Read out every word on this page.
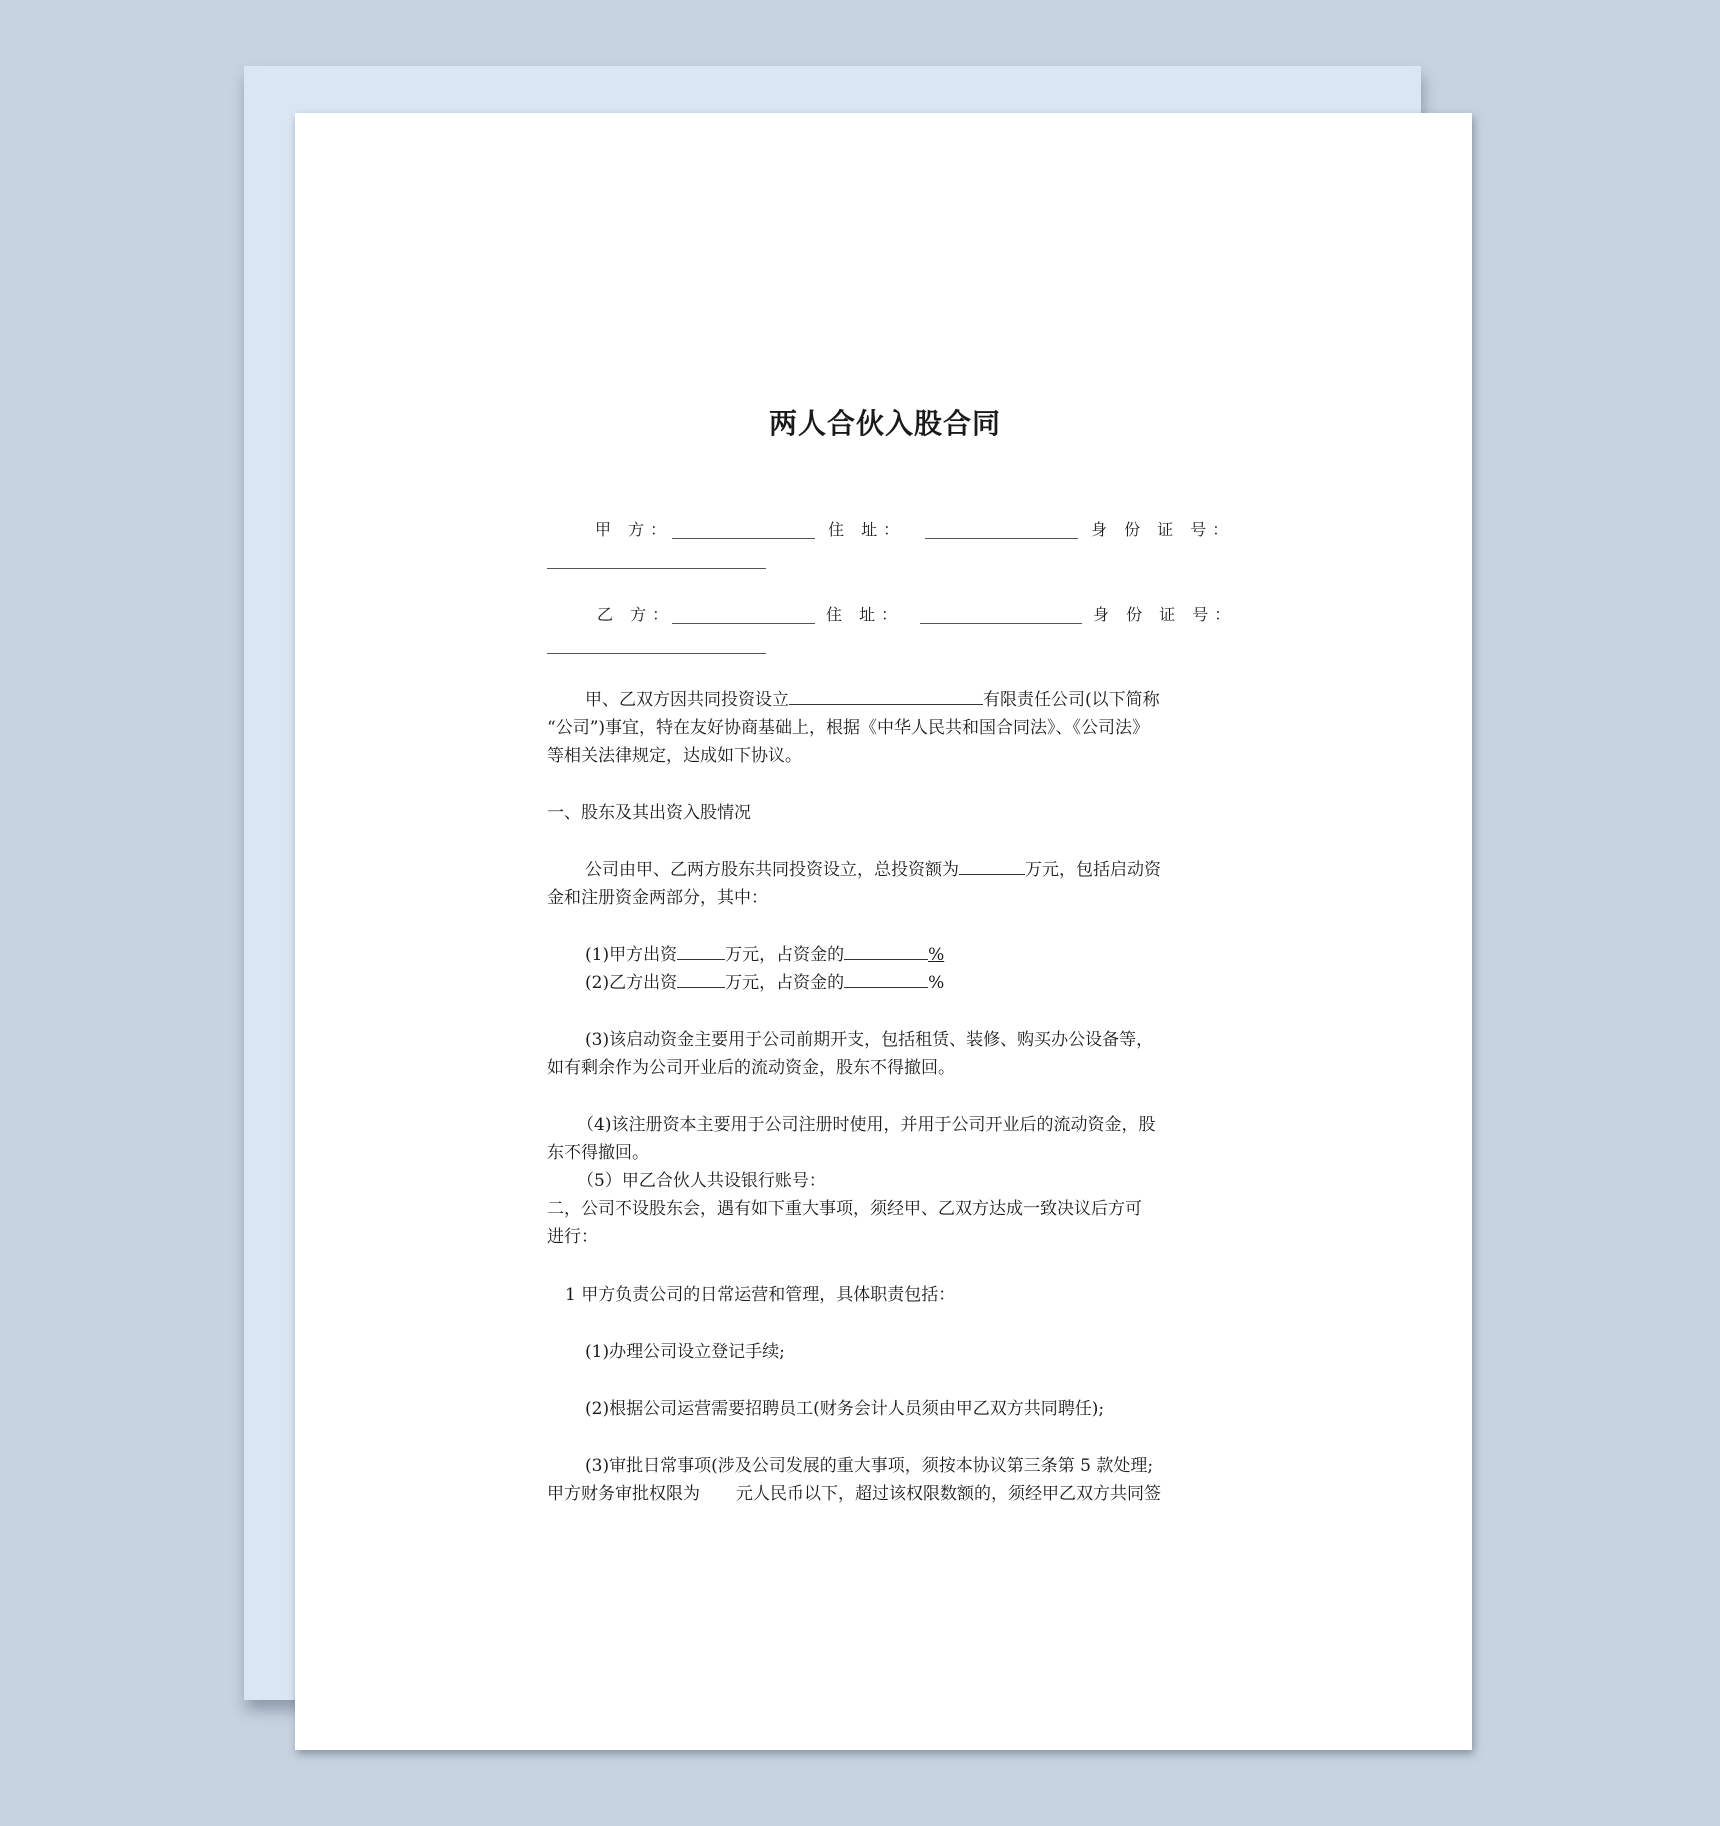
两人合伙入股合同
甲 方：	住 址：	身 份 证 号：
乙 方：	住 址：	身 份 证 号：
甲、乙双方因共同投资设立	有限责任公司(以下简称
“公司”)事宜，特在友好协商基础上，根据《中华人民共和国合同法》、《公司法》
等相关法律规定，达成如下协议。
一、股东及其出资入股情况
公司由甲、乙两方股东共同投资设立，总投资额为	万元，包括启动资
金和注册资金两部分，其中：
(1)甲方出资	万元，占资金的	%
(2)乙方出资	万元，占资金的	%
(3)该启动资金主要用于公司前期开支，包括租赁、装修、购买办公设备等，
如有剩余作为公司开业后的流动资金，股东不得撤回。
（4)该注册资本主要用于公司注册时使用，并用于公司开业后的流动资金，股
东不得撤回。
（5）甲乙合伙人共设银行账号：
二，公司不设股东会，遇有如下重大事项，须经甲、乙双方达成一致决议后方可
进行：
1 甲方负责公司的日常运营和管理，具体职责包括：
(1)办理公司设立登记手续;
(2)根据公司运营需要招聘员工(财务会计人员须由甲乙双方共同聘任);
(3)审批日常事项(涉及公司发展的重大事项，须按本协议第三条第 5 款处理;
甲方财务审批权限为 元人民币以下，超过该权限数额的，须经甲乙双方共同签
